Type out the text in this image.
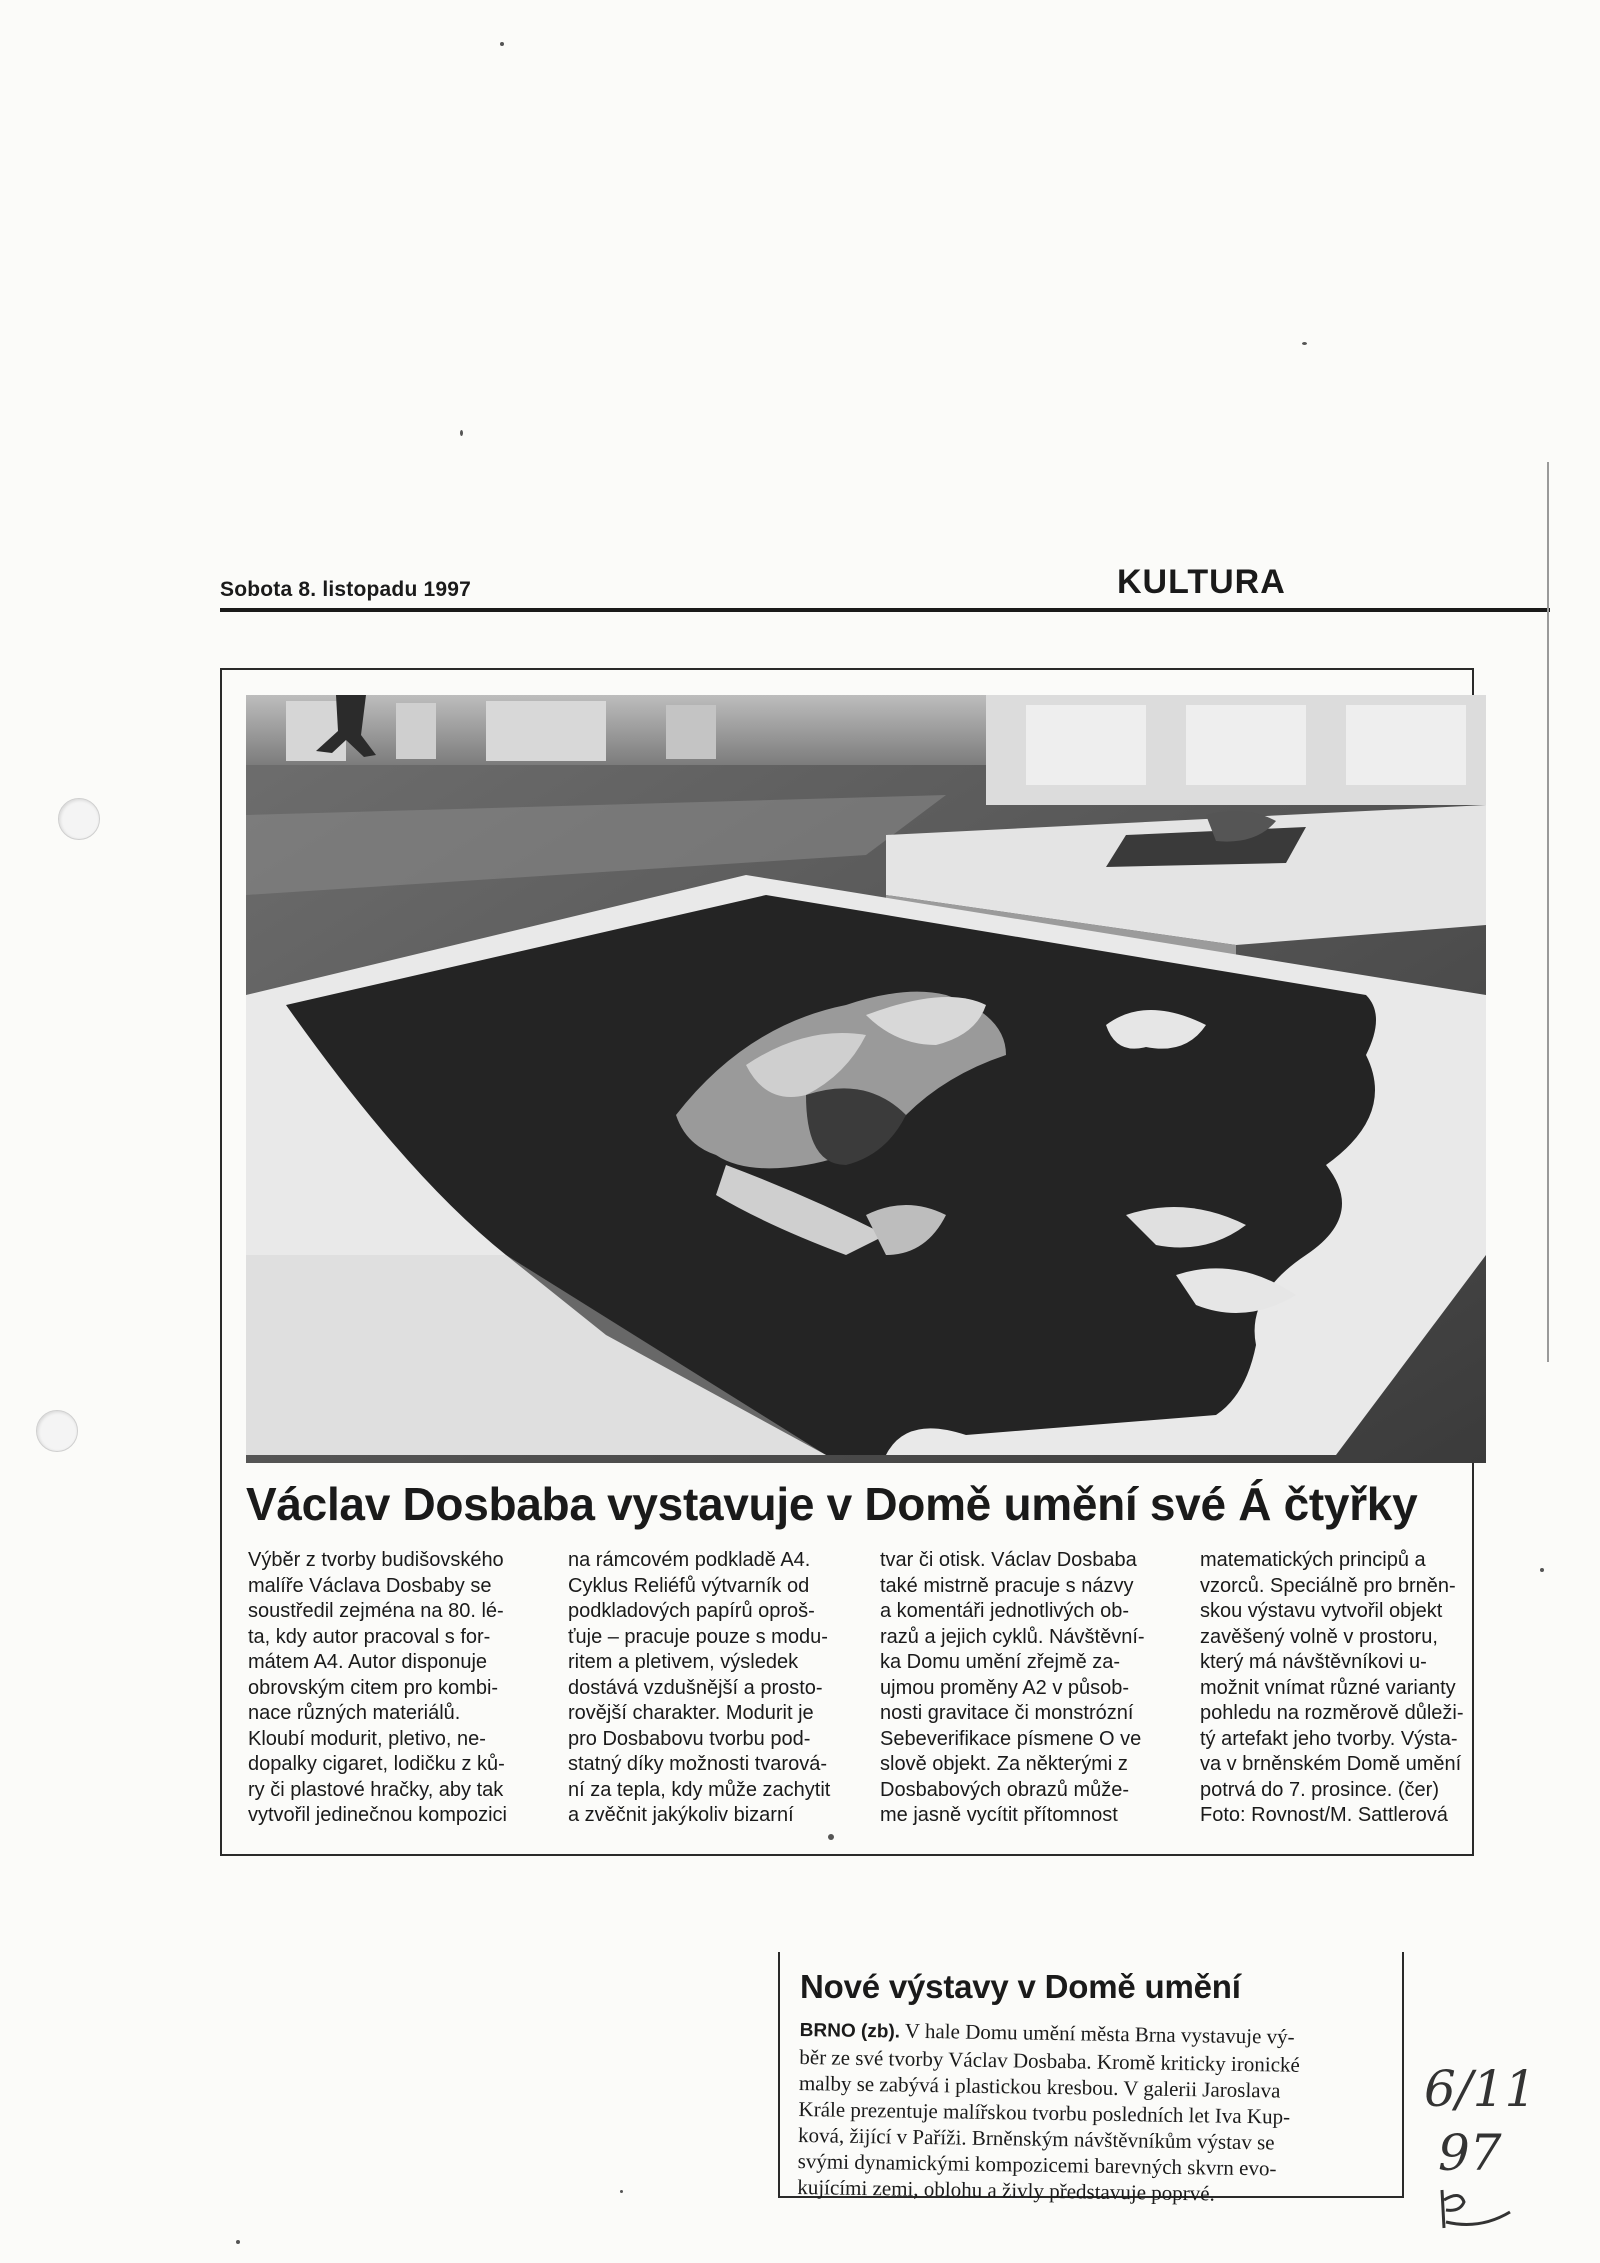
Sobota 8. listopadu 1997	KULTURA
Václav Dosbaba vystavuje v Domě umění své Á čtyřky
Výběr z tvorby budišovského
malíře Václava Dosbaby se
soustředil zejména na 80. lé-
ta, kdy autor pracoval s for-
mátem A4. Autor disponuje
obrovským citem pro kombi-
nace různých materiálů.
Kloubí modurit, pletivo, ne-
dopalky cigaret, lodičku z ků-
ry či plastové hračky, aby tak
vytvořil jedinečnou kompozici
na rámcovém podkladě A4.
Cyklus Reliéfů výtvarník od
podkladových papírů oproš-
ťuje – pracuje pouze s modu-
ritem a pletivem, výsledek
dostává vzdušnější a prosto-
rovější charakter. Modurit je
pro Dosbabovu tvorbu pod-
statný díky možnosti tvarová-
ní za tepla, kdy může zachytit
a zvěčnit jakýkoliv bizarní
tvar či otisk. Václav Dosbaba
také mistrně pracuje s názvy
a komentáři jednotlivých ob-
razů a jejich cyklů. Návštěvní-
ka Domu umění zřejmě za-
ujmou proměny A2 v působ-
nosti gravitace či monstrózní
Sebeverifikace písmene O ve
slově objekt. Za některými z
Dosbabových obrazů může-
me jasně vycítit přítomnost
matematických principů a
vzorců. Speciálně pro brněn-
skou výstavu vytvořil objekt
zavěšený volně v prostoru,
který má návštěvníkovi u-
možnit vnímat různé varianty
pohledu na rozměrově důleži-
tý artefakt jeho tvorby. Výsta-
va v brněnském Domě umění
potrvá do 7. prosince. (čer)
Foto: Rovnost/M. Sattlerová
Nové výstavy v Domě umění
BRNO (zb). V hale Domu umění města Brna vystavuje vý-
běr ze své tvorby Václav Dosbaba. Kromě kriticky ironické
malby se zabývá i plastickou kresbou. V galerii Jaroslava
Krále prezentuje malířskou tvorbu posledních let Iva Kup-
ková, žijící v Paříži. Brněnským návštěvníkům výstav se
svými dynamickými kompozicemi barevných skvrn evo-
kujícími zemi, oblohu a živly představuje poprvé.
6/11
97
